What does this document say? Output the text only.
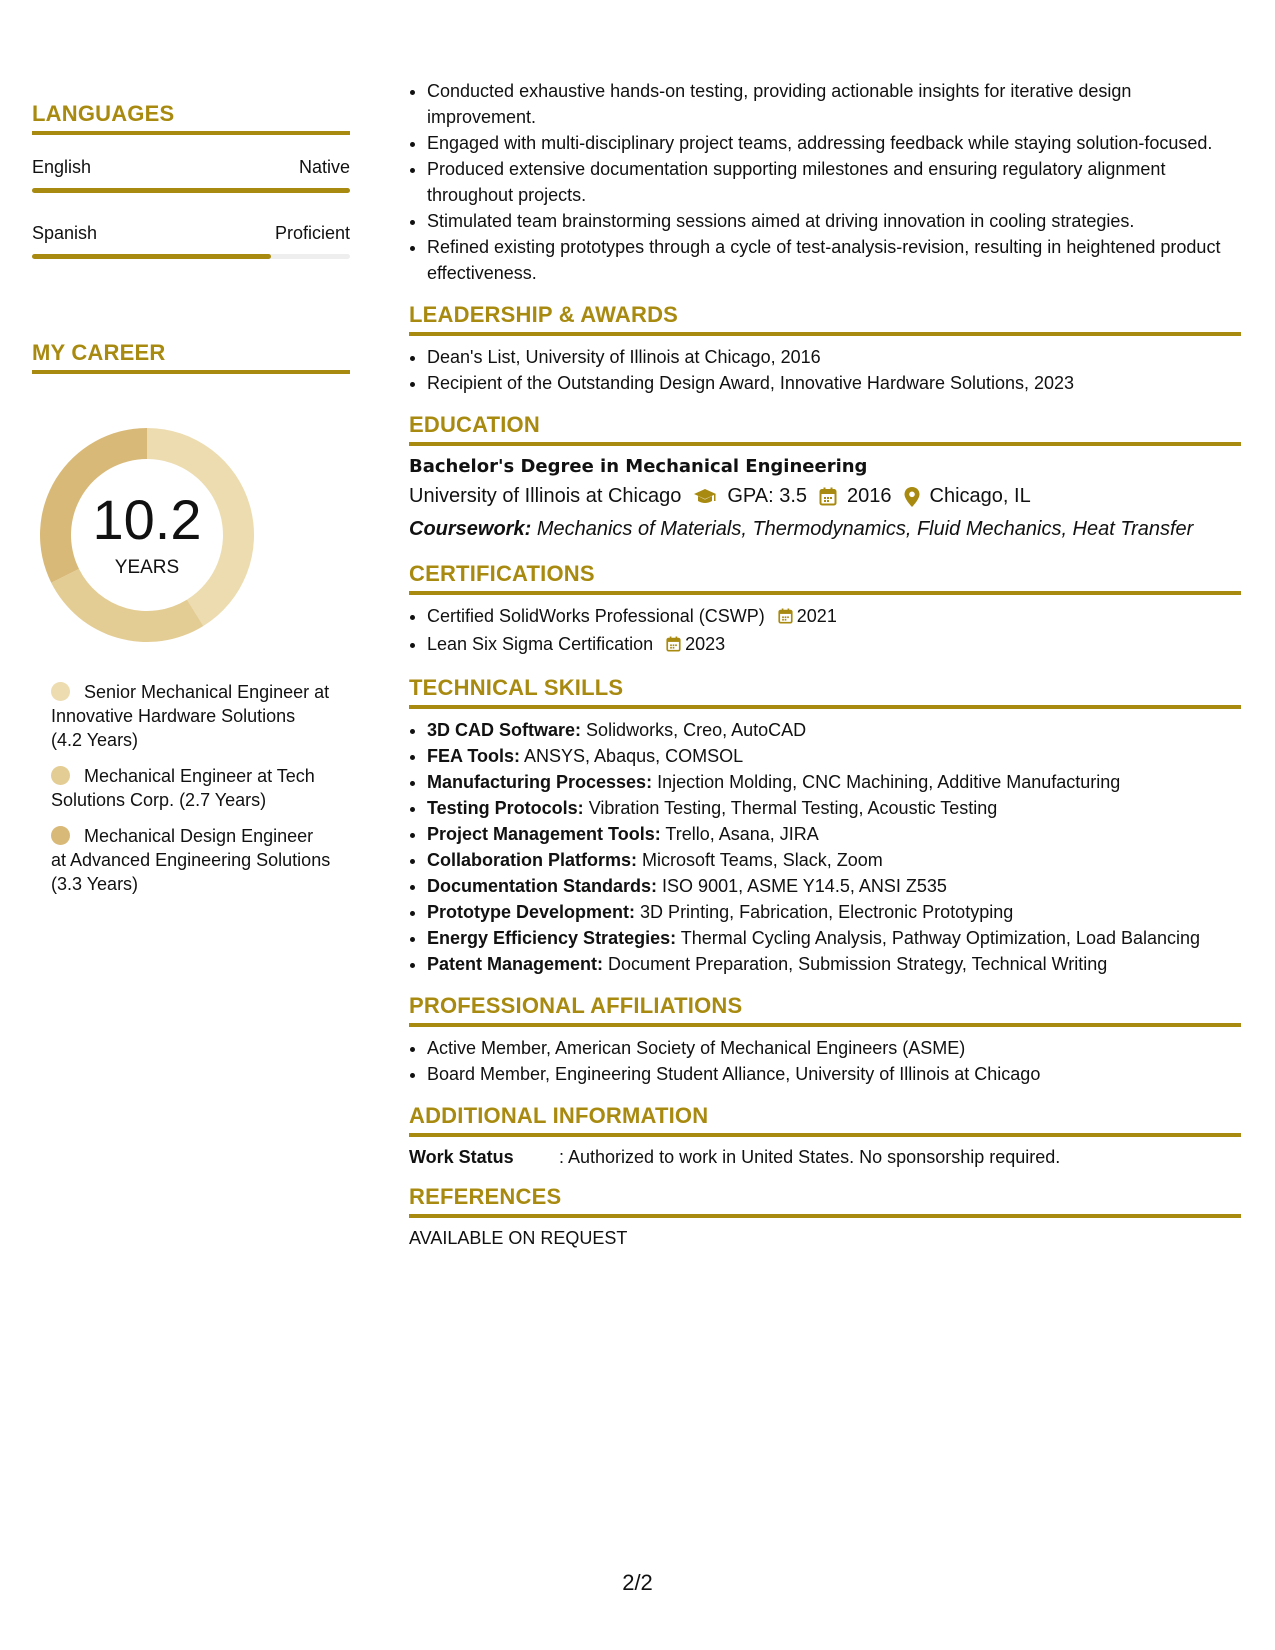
LANGUAGES
English	Native
Spanish	Proficient
MY CAREER
10.2
YEARS
Senior Mechanical Engineer at Innovative Hardware Solutions (4.2 Years)
Mechanical Engineer at Tech Solutions Corp. (2.7 Years)
Mechanical Design Engineer at Advanced Engineering Solutions (3.3 Years)
• Conducted exhaustive hands-on testing, providing actionable insights for iterative design improvement.
• Engaged with multi-disciplinary project teams, addressing feedback while staying solution-focused.
• Produced extensive documentation supporting milestones and ensuring regulatory alignment throughout projects.
• Stimulated team brainstorming sessions aimed at driving innovation in cooling strategies.
• Refined existing prototypes through a cycle of test-analysis-revision, resulting in heightened product effectiveness.
LEADERSHIP & AWARDS
• Dean's List, University of Illinois at Chicago, 2016
• Recipient of the Outstanding Design Award, Innovative Hardware Solutions, 2023
EDUCATION
Bachelor's Degree in Mechanical Engineering
University of Illinois at Chicago GPA: 3.5 2016 Chicago, IL
Coursework: Mechanics of Materials, Thermodynamics, Fluid Mechanics, Heat Transfer
CERTIFICATIONS
• Certified SolidWorks Professional (CSWP) 2021
• Lean Six Sigma Certification 2023
TECHNICAL SKILLS
• 3D CAD Software: Solidworks, Creo, AutoCAD
• FEA Tools: ANSYS, Abaqus, COMSOL
• Manufacturing Processes: Injection Molding, CNC Machining, Additive Manufacturing
• Testing Protocols: Vibration Testing, Thermal Testing, Acoustic Testing
• Project Management Tools: Trello, Asana, JIRA
• Collaboration Platforms: Microsoft Teams, Slack, Zoom
• Documentation Standards: ISO 9001, ASME Y14.5, ANSI Z535
• Prototype Development: 3D Printing, Fabrication, Electronic Prototyping
• Energy Efficiency Strategies: Thermal Cycling Analysis, Pathway Optimization, Load Balancing
• Patent Management: Document Preparation, Submission Strategy, Technical Writing
PROFESSIONAL AFFILIATIONS
• Active Member, American Society of Mechanical Engineers (ASME)
• Board Member, Engineering Student Alliance, University of Illinois at Chicago
ADDITIONAL INFORMATION
Work Status	: Authorized to work in United States. No sponsorship required.
REFERENCES
AVAILABLE ON REQUEST
2/2
